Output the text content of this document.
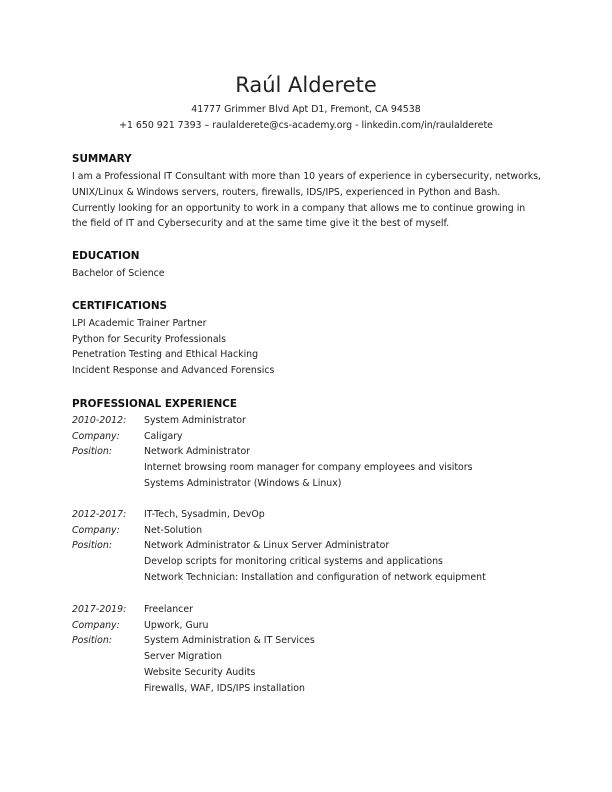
Raúl Alderete
41777 Grimmer Blvd Apt D1, Fremont, CA 94538
+1 650 921 7393 – raulalderete@cs-academy.org - linkedin.com/in/raulalderete
SUMMARY

I am a Professional IT Consultant with more than 10 years of experience in cybersecurity, networks, UNIX/Linux & Windows servers, routers, firewalls, IDS/IPS, experienced in Python and Bash. Currently looking for an opportunity to work in a company that allows me to continue growing in the field of IT and Cybersecurity and at the same time give it the best of myself.

EDUCATION
Bachelor of Science
CERTIFICATIONS
LPI Academic Trainer Partner
Python for Security Professionals
Penetration Testing and Ethical Hacking
Incident Response and Advanced Forensics
PROFESSIONAL EXPERIENCE
2010-2012:	System Administrator
Company:	Caligary
Position:	Network Administrator
Internet browsing room manager for company employees and visitors
Systems Administrator (Windows & Linux)
2012-2017:	IT-Tech, Sysadmin, DevOp
Company:	Net-Solution
Position:	Network Administrator & Linux Server Administrator
Develop scripts for monitoring critical systems and applications
Network Technician: Installation and configuration of network equipment
2017-2019:	Freelancer
Company:	Upwork, Guru
Position:	System Administration & IT Services
Server Migration
Website Security Audits
Firewalls, WAF, IDS/IPS installation
